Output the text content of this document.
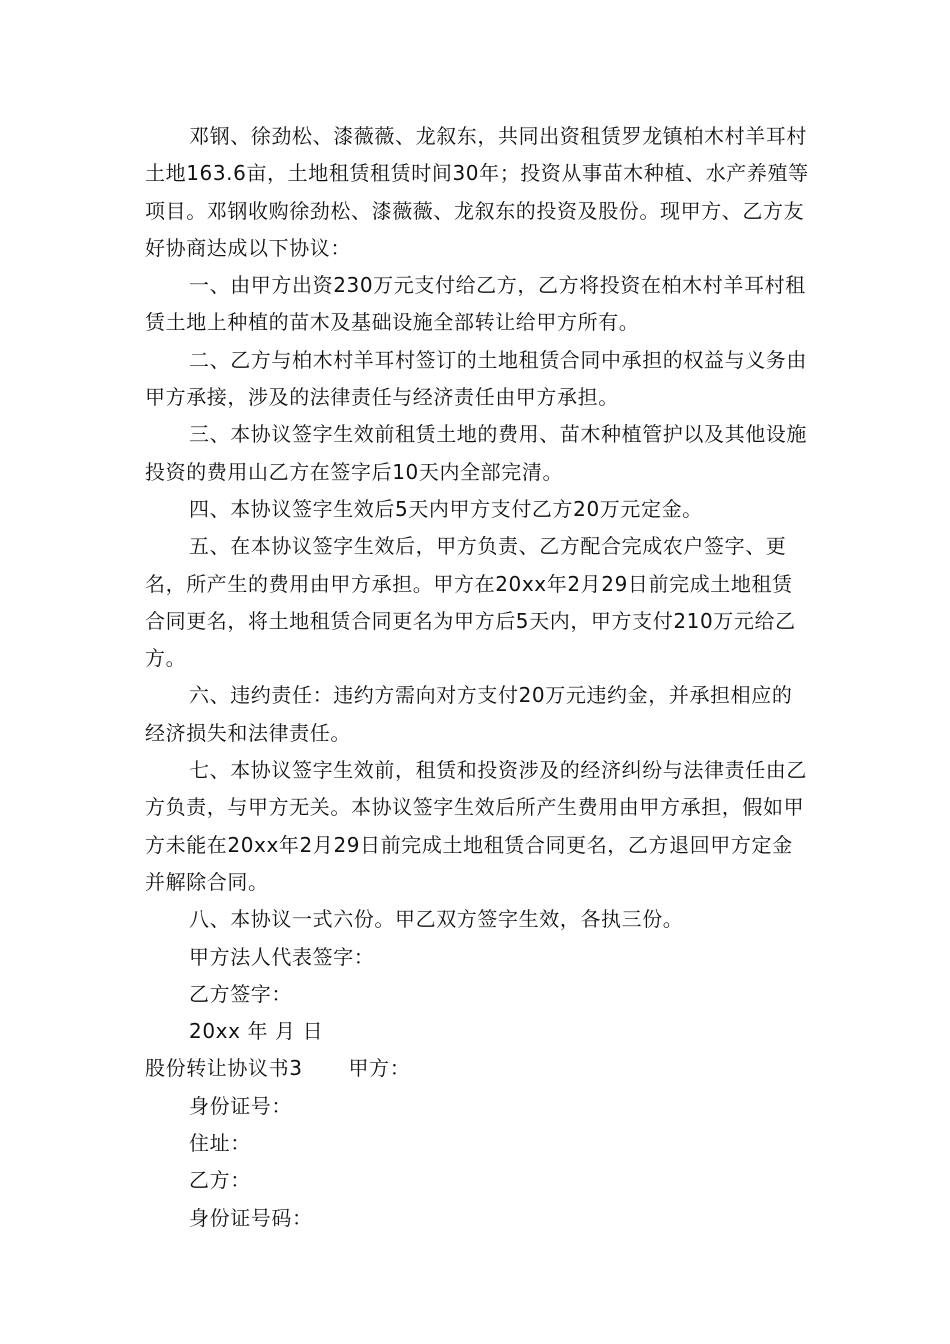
邓钢、徐劲松、漆薇薇、龙叙东，共同出资租赁罗龙镇柏木村羊耳村土地163.6亩，土地租赁租赁时间30年；投资从事苗木种植、水产养殖等项目。邓钢收购徐劲松、漆薇薇、龙叙东的投资及股份。现甲方、乙方友好协商达成以下协议：

一、由甲方出资230万元支付给乙方，乙方将投资在柏木村羊耳村租赁土地上种植的苗木及基础设施全部转让给甲方所有。

二、乙方与柏木村羊耳村签订的土地租赁合同中承担的权益与义务由甲方承接，涉及的法律责任与经济责任由甲方承担。

三、本协议签字生效前租赁土地的费用、苗木种植管护以及其他设施投资的费用山乙方在签字后10天内全部完清。

四、本协议签字生效后5天内甲方支付乙方20万元定金。

五、在本协议签字生效后，甲方负责、乙方配合完成农户签字、更名，所产生的费用由甲方承担。甲方在20xx年2月29日前完成土地租赁合同更名，将土地租赁合同更名为甲方后5天内，甲方支付210万元给乙方。

六、违约责任：违约方需向对方支付20万元违约金，并承担相应的经济损失和法律责任。

七、本协议签字生效前，租赁和投资涉及的经济纠纷与法律责任由乙方负责，与甲方无关。本协议签字生效后所产生费用由甲方承担，假如甲方未能在20xx年2月29日前完成土地租赁合同更名，乙方退回甲方定金并解除合同。

八、本协议一式六份。甲乙双方签字生效，各执三份。

甲方法人代表签字：

乙方签字：

20xx 年 月 日

股份转让协议书3 甲方：

身份证号：

住址：

乙方：

身份证号码：
